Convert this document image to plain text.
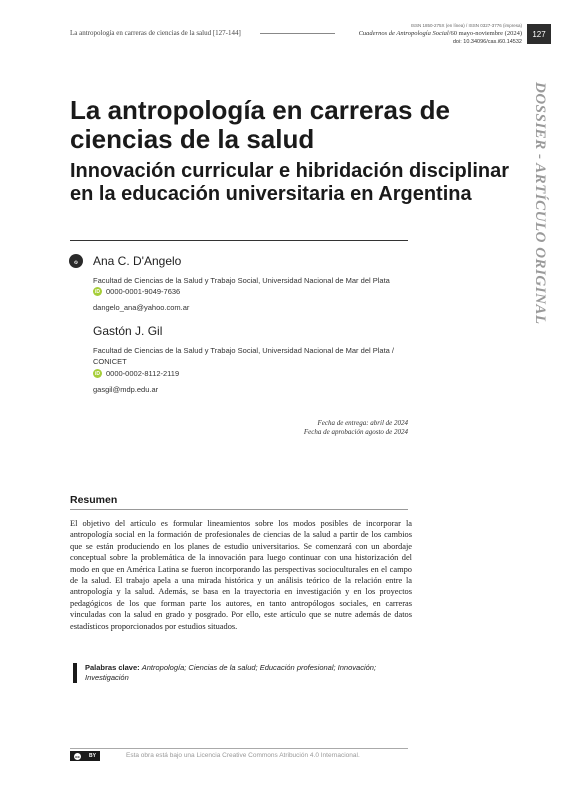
La antropología en carreras de ciencias de la salud [127-144]
ISSN 1850-275X (en línea) / ISSN 0327-3776 (impresa)
Cuadernos de Antropología Social/60 mayo-noviembre (2024)
doi: 10.34096/cas.i60.14532
127
DOSSIER - ARTÍCULO ORIGINAL
La antropología en carreras de ciencias de la salud
Innovación curricular e hibridación disciplinar en la educación universitaria en Argentina
ℴ	Ana C. D'Angelo
Facultad de Ciencias de la Salud y Trabajo Social, Universidad Nacional de Mar del Plata
iD 0000-0001-9049-7636
dangelo_ana@yahoo.com.ar
Gastón J. Gil
Facultad de Ciencias de la Salud y Trabajo Social, Universidad Nacional de Mar del Plata /
CONICET
iD 0000-0002-8112-2119
gasgil@mdp.edu.ar
Fecha de entrega: abril de 2024
Fecha de aprobación agosto de 2024
Resumen

El objetivo del artículo es formular lineamientos sobre los modos posibles de incorporar la antropología social en la formación de profesionales de ciencias de la salud a partir de los cambios que se están produciendo en los planes de estudio universitarios. Se comenzará con un abordaje conceptual sobre la problemática de la innovación para luego continuar con una historización del modo en que en América Latina se fueron incorporando las perspectivas socioculturales en el campo de la salud. El trabajo apela a una mirada histórica y un análisis teórico de la relación entre la antropología y la salud. Además, se basa en la trayectoria en investigación y en los proyectos pedagógicos de los que forman parte los autores, en tanto antropólogos sociales, en carreras vinculadas con la salud en grado y posgrado. Por ello, este artículo que se nutre además de datos estadísticos proporcionados por estudios situados.

Palabras clave: Antropología; Ciencias de la salud; Educación profesional; Innovación; Investigación
cc BY	Esta obra está bajo una Licencia Creative Commons Atribución 4.0 Internacional.
